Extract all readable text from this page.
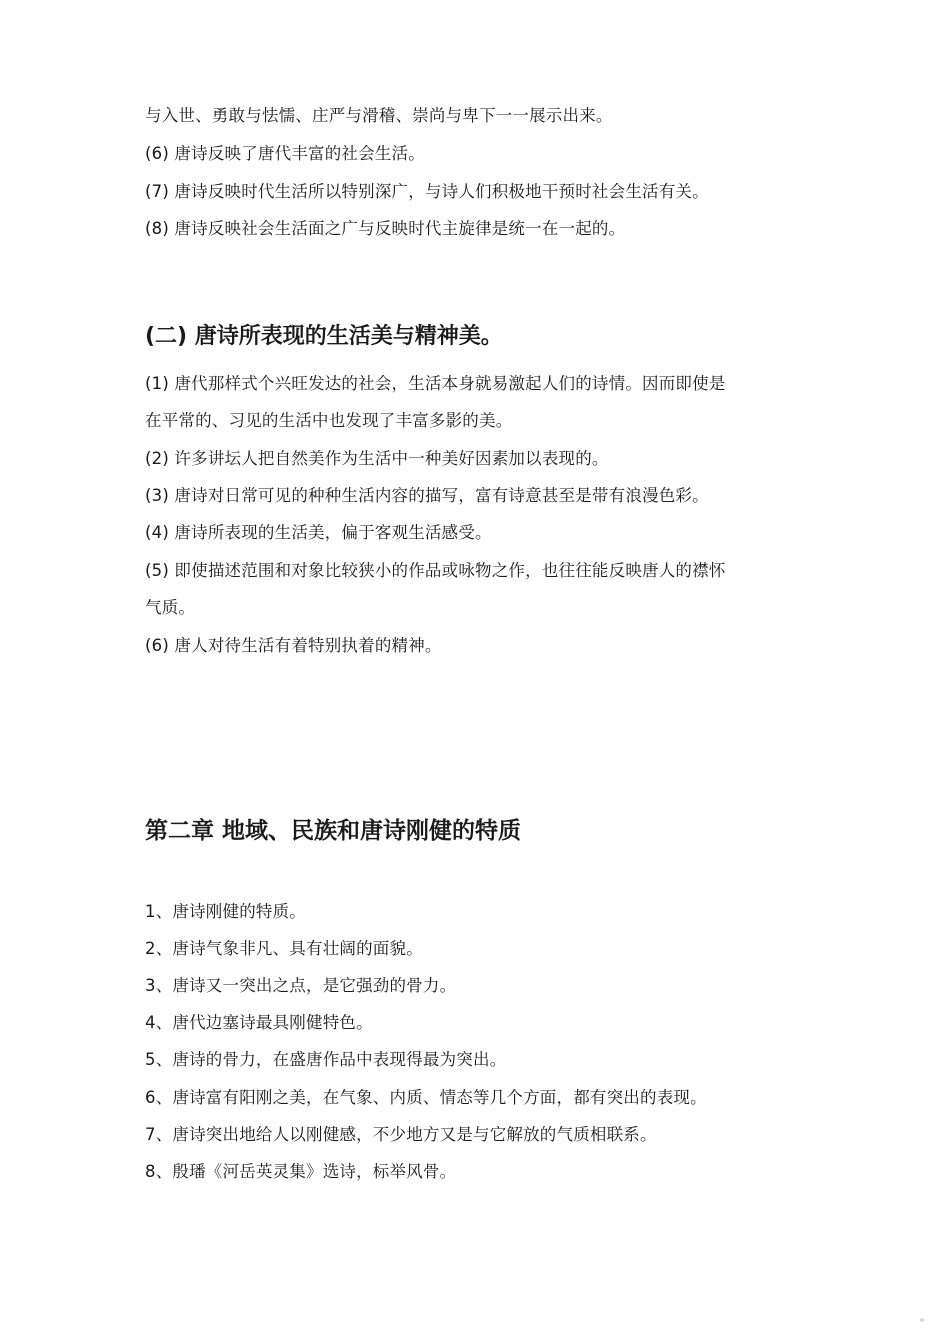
与入世、勇敢与怯懦、庄严与滑稽、崇尚与卑下一一展示出来。
(6) 唐诗反映了唐代丰富的社会生活。
(7) 唐诗反映时代生活所以特别深广，与诗人们积极地干预时社会生活有关。
(8) 唐诗反映社会生活面之广与反映时代主旋律是统一在一起的。
(二) 唐诗所表现的生活美与精神美。
(1) 唐代那样式个兴旺发达的社会，生活本身就易激起人们的诗情。因而即使是
在平常的、习见的生活中也发现了丰富多影的美。
(2) 许多讲坛人把自然美作为生活中一种美好因素加以表现的。
(3) 唐诗对日常可见的种种生活内容的描写，富有诗意甚至是带有浪漫色彩。
(4) 唐诗所表现的生活美，偏于客观生活感受。
(5) 即使描述范围和对象比较狭小的作品或咏物之作，也往往能反映唐人的襟怀
气质。
(6) 唐人对待生活有着特别执着的精神。
第二章 地域、民族和唐诗刚健的特质
1、唐诗刚健的特质。
2、唐诗气象非凡、具有壮阔的面貌。
3、唐诗又一突出之点，是它强劲的骨力。
4、唐代边塞诗最具刚健特色。
5、唐诗的骨力，在盛唐作品中表现得最为突出。
6、唐诗富有阳刚之美，在气象、内质、情态等几个方面，都有突出的表现。
7、唐诗突出地给人以刚健感，不少地方又是与它解放的气质相联系。
8、殷璠《河岳英灵集》选诗，标举风骨。
